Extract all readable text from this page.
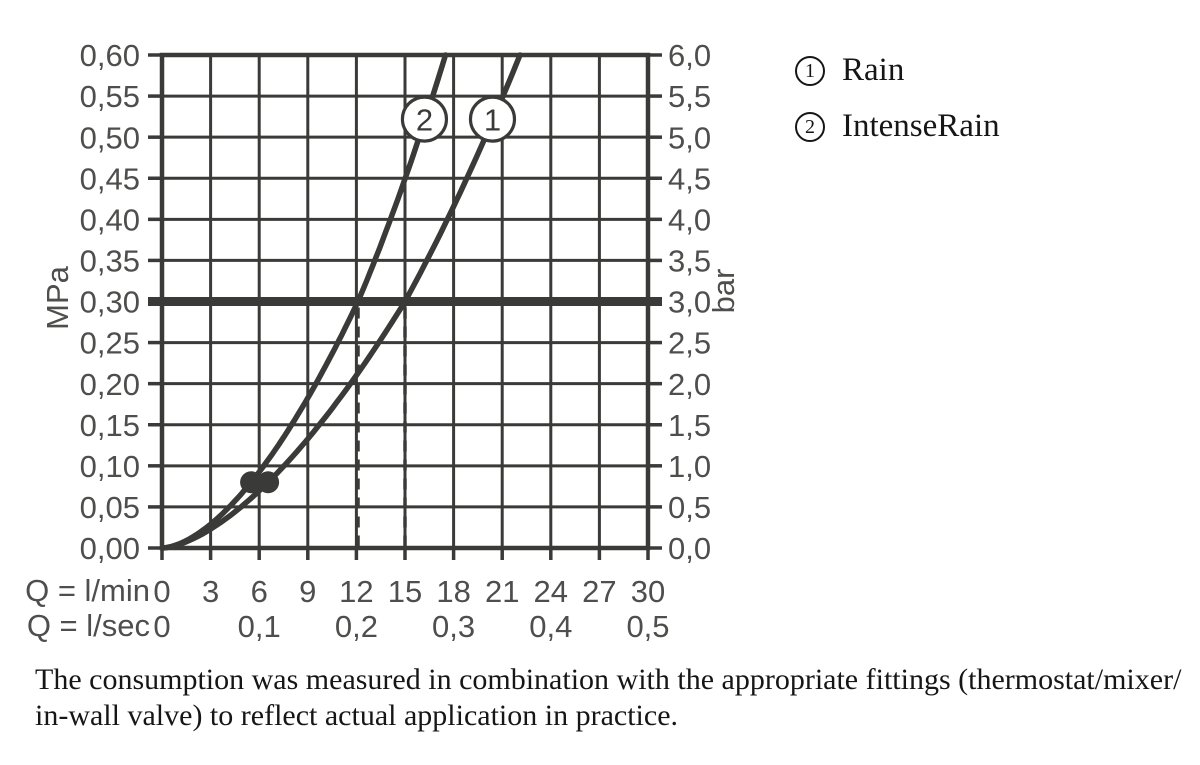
1
2
0,00
0,05
0,10
0,15
0,20
0,25
0,30
0,35
0,40
0,45
0,50
0,55
0,60
0,0
0,5
1,0
1,5
2,0
2,5
3,0
3,5
4,0
4,5
5,0
5,5
6,0
0 3 6 9 12 15 18 21 24 27 30
0 0,1 0,2 0,3 0,4 0,5
MPa	bar
Q = l/min
Q = l/sec
1 Rain
2 IntenseRain
The consumption was measured in combination with the appropriate fittings (thermostat/mixer/
in-wall valve) to reflect actual application in practice.
